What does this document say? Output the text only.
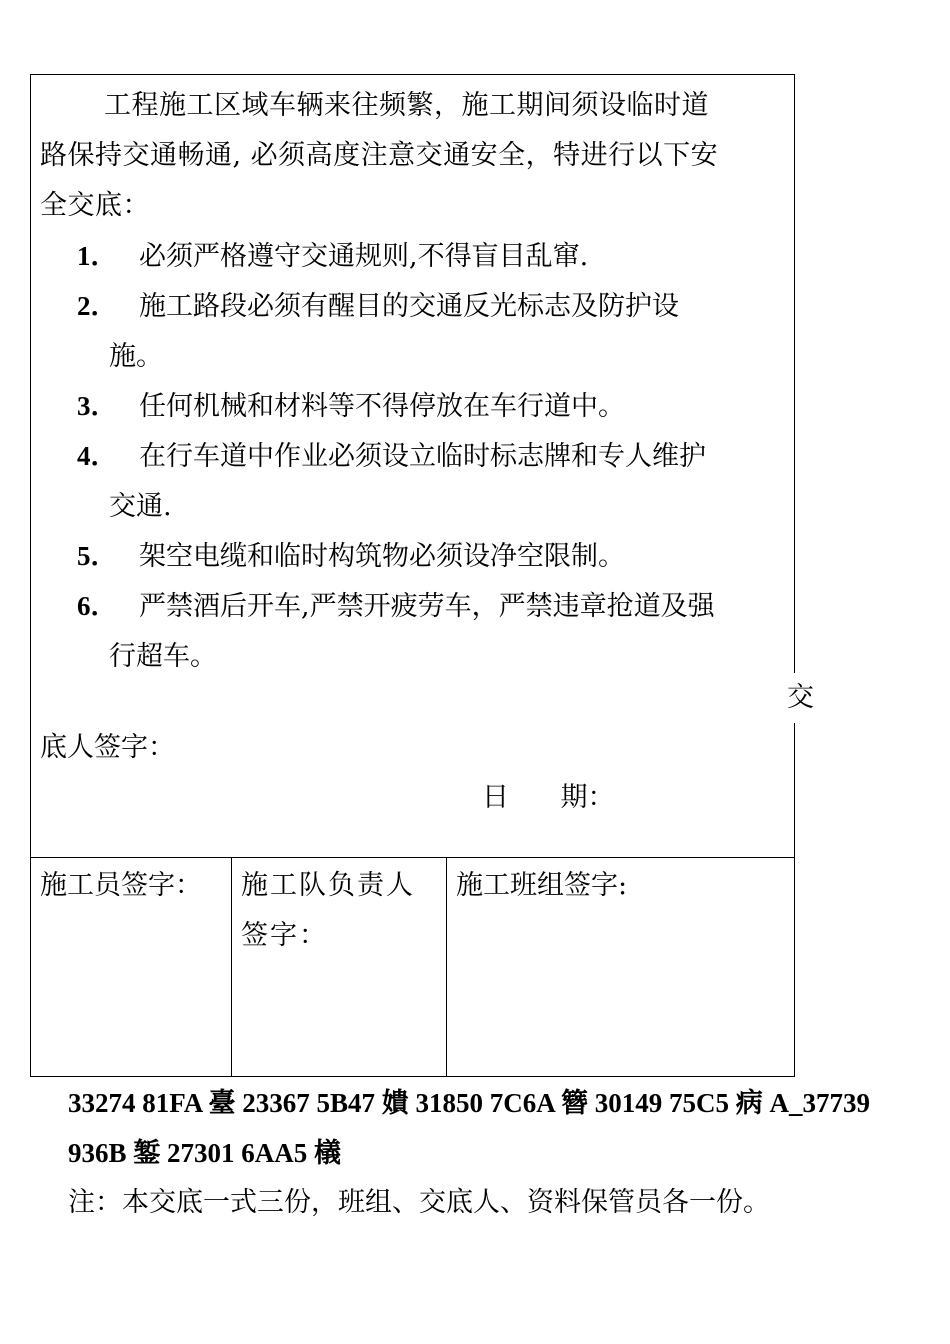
工程施工区域车辆来往频繁，施工期间须设临时道
路保持交通畅通, 必须高度注意交通安全，特进行以下安
全交底：
1． 必须严格遵守交通规则,不得盲目乱窜.
2． 施工路段必须有醒目的交通反光标志及防护设
施。
3． 任何机械和材料等不得停放在车行道中。
4． 在行车道中作业必须设立临时标志牌和专人维护
交通.
5． 架空电缆和临时构筑物必须设净空限制。
6． 严禁酒后开车,严禁开疲劳车，严禁违章抢道及强
行超车。
交
底人签字：
日      期：
施工员签字：	施工队负责人签字：
施工班组签字:
33274 81FA 臺 23367 5B47 嬇 31850 7C6A 簪 30149 75C5 病 A_37739 936B 錾 27301 6AA5 檥
注：本交底一式三份，班组、交底人、资料保管员各一份。
